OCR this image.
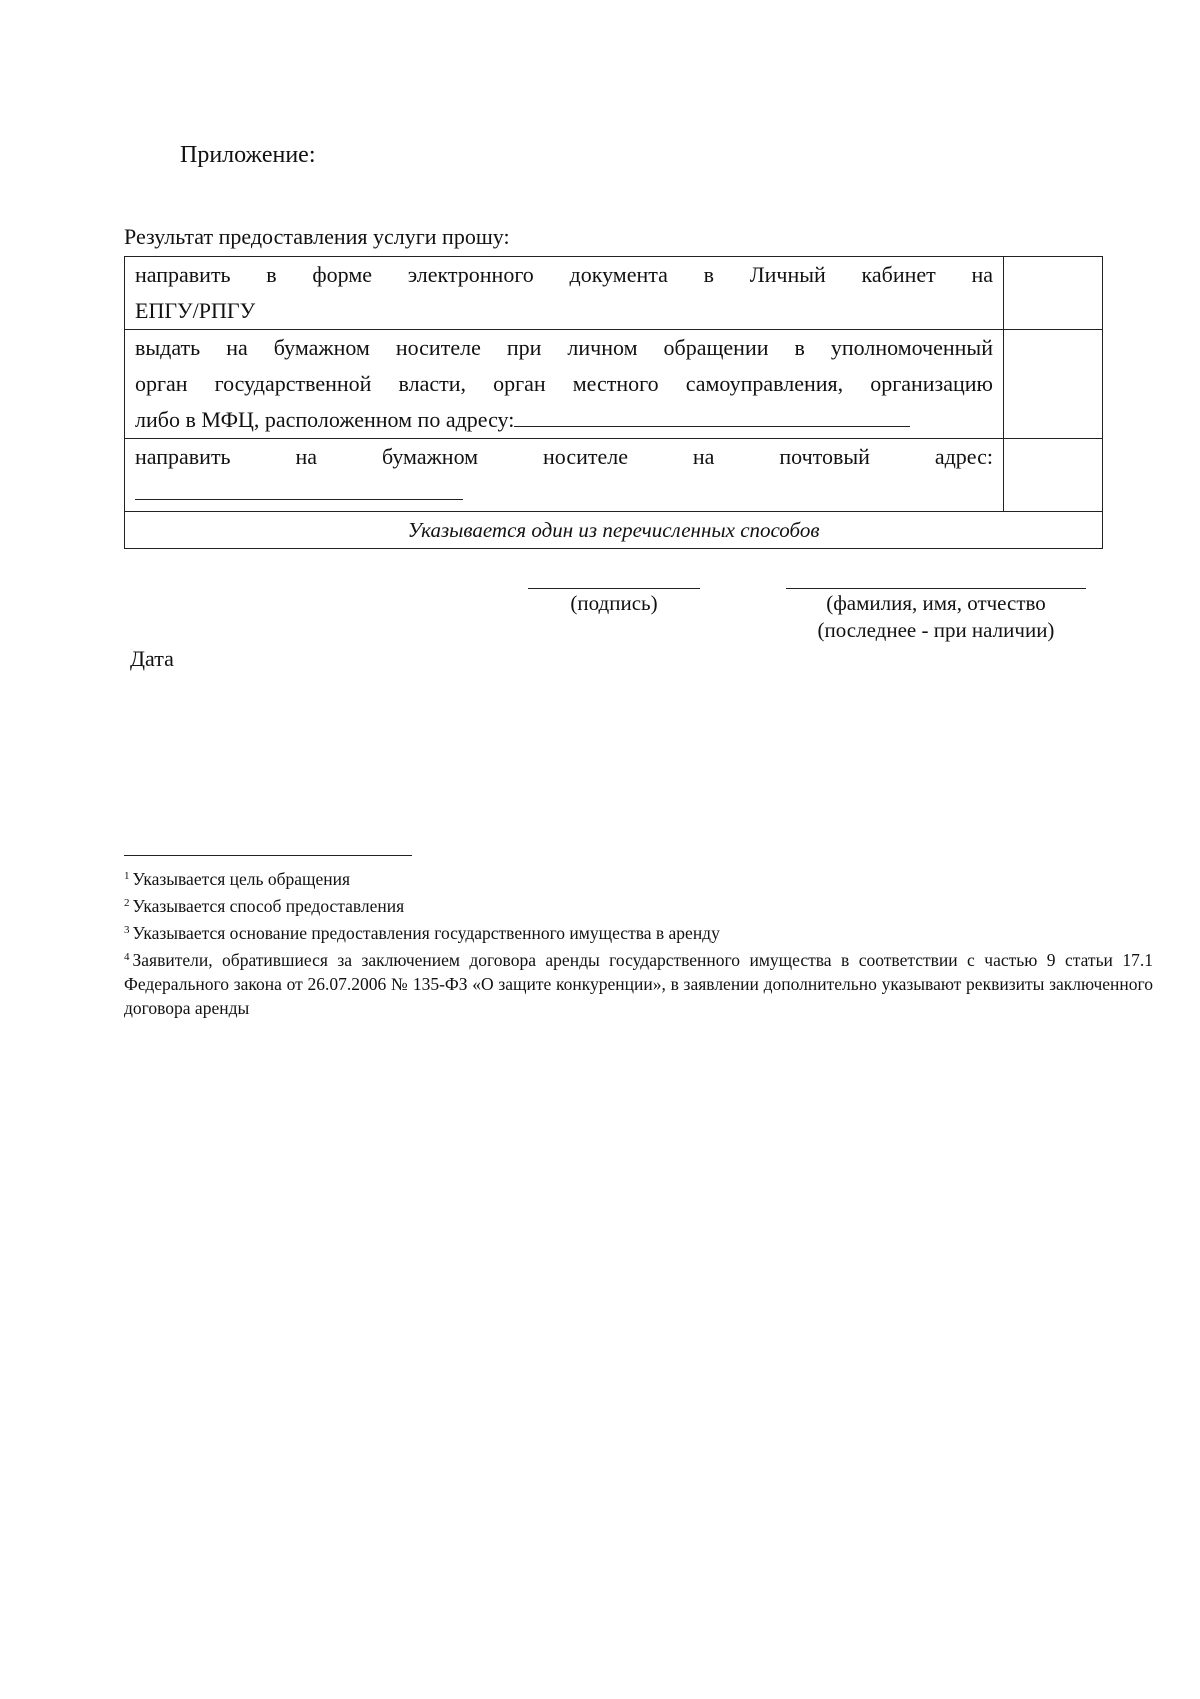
Приложение:
Результат предоставления услуги прошу:
направить в форме электронного документа в Личный кабинет на
ЕПГУ/РПГУ	

выдать на бумажном носителе при личном обращении в уполномоченный
орган государственной власти, орган местного самоуправления, организацию
либо в МФЦ, расположенном по адресу:	

направить на бумажном носителе на почтовый адрес:	

Указывается один из перечисленных способов	
(подпись)	(фамилия, имя, отчество
(последнее - при наличии)
Дата

$^1$ Указывается цель обращения

$^2$ Указывается способ предоставления

$^3$ Указывается основание предоставления государственного имущества в аренду

$^4$ Заявители, обратившиеся за заключением договора аренды государственного имущества в соответствии с частью 9 статьи 17.1 Федерального закона от 26.07.2006 № 135-ФЗ «О защите конкуренции», в заявлении дополнительно указывают реквизиты заключенного договора аренды
